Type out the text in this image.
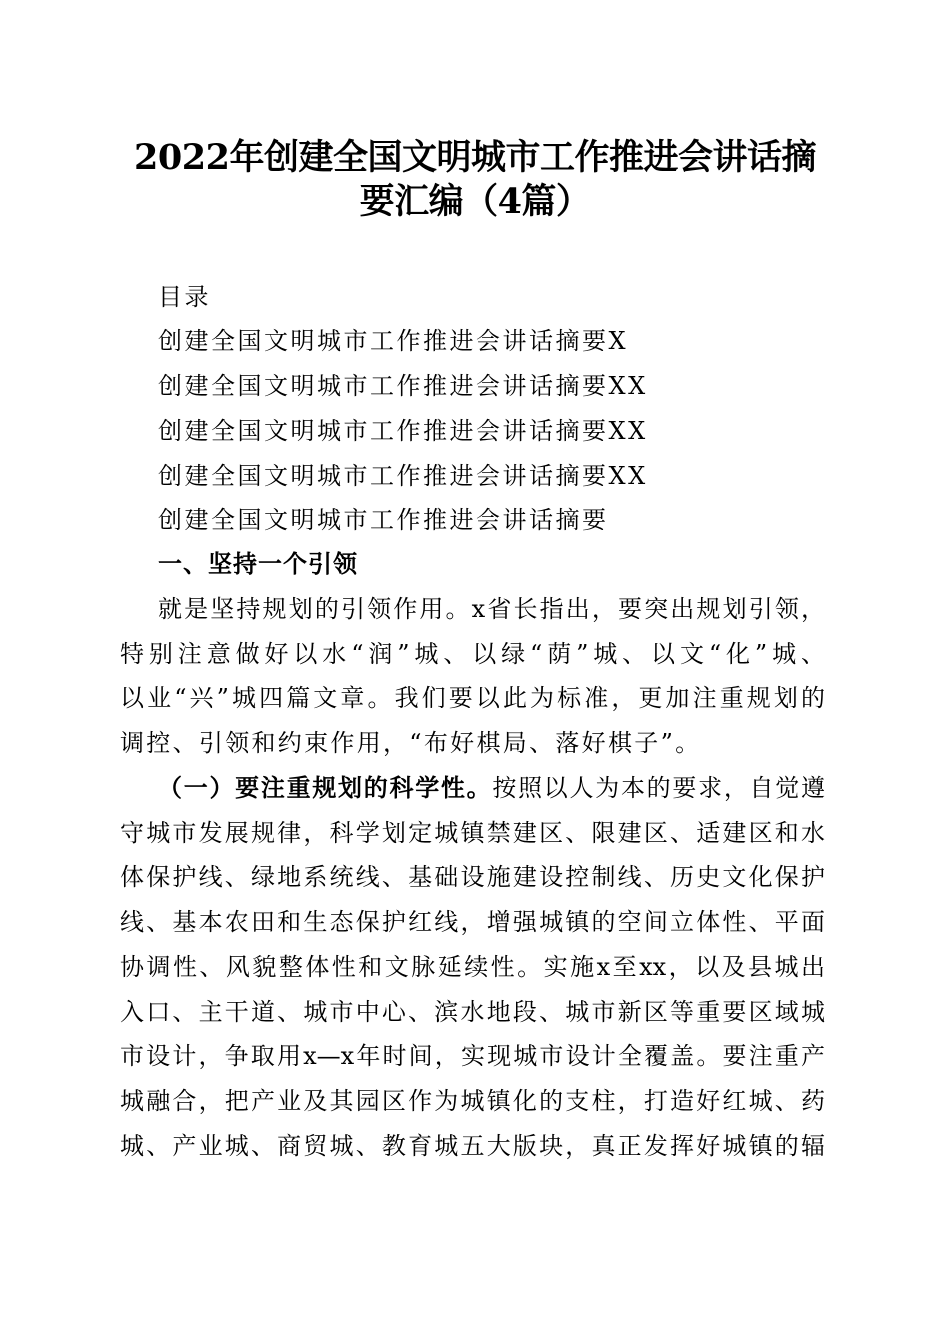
2022年创建全国文明城市工作推进会讲话摘
要汇编（4篇）
目录
创建全国文明城市工作推进会讲话摘要X
创建全国文明城市工作推进会讲话摘要XX
创建全国文明城市工作推进会讲话摘要XX
创建全国文明城市工作推进会讲话摘要XX
创建全国文明城市工作推进会讲话摘要
一、坚持一个引领
就是坚持规划的引领作用。x省长指出，要突出规划引领，
特别注意做好以水“润”城、以绿“荫”城、以文“化”城、
以业“兴”城四篇文章。我们要以此为标准，更加注重规划的
调控、引领和约束作用，“布好棋局、落好棋子”。
（一）要注重规划的科学性。按照以人为本的要求，自觉遵
守城市发展规律，科学划定城镇禁建区、限建区、适建区和水
体保护线、绿地系统线、基础设施建设控制线、历史文化保护
线、基本农田和生态保护红线，增强城镇的空间立体性、平面
协调性、风貌整体性和文脉延续性。实施x至xx，以及县城出
入口、主干道、城市中心、滨水地段、城市新区等重要区域城
市设计，争取用x—x年时间，实现城市设计全覆盖。要注重产
城融合，把产业及其园区作为城镇化的支柱，打造好红城、药
城、产业城、商贸城、教育城五大版块，真正发挥好城镇的辐
